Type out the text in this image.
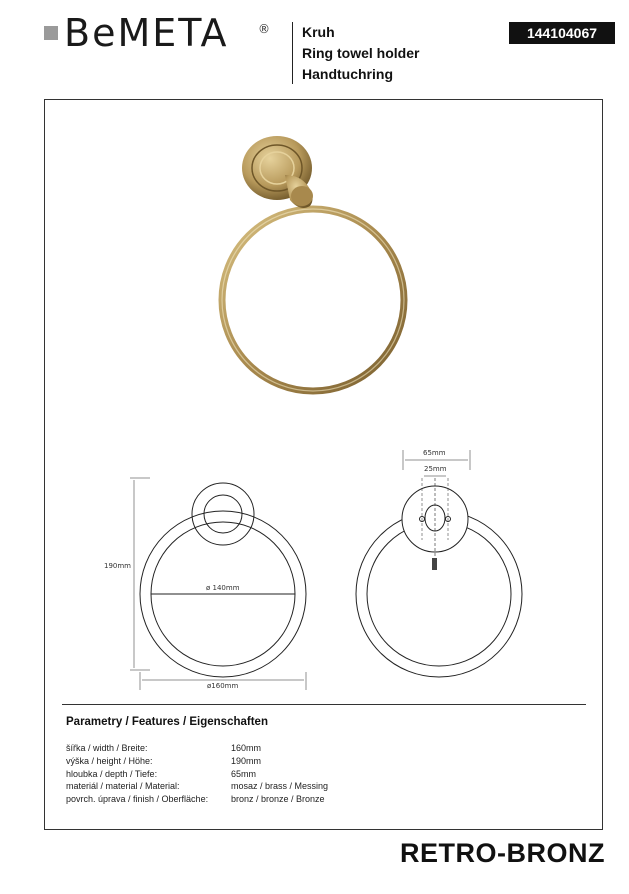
BeMETA ® Kruh
Ring towel holder
Handtuchring
144104067
190mm
ø 140mm
ø160mm
65mm
25mm
Parametry / Features / Eigenschaften
šířka / width / Breite:	160mm
výška / height / Höhe:	190mm
hloubka / depth / Tiefe:	65mm
materiál / material / Material:	mosaz / brass / Messing
povrch. úprava / finish / Oberfläche:	bronz / bronze / Bronze
RETRO-BRONZ
